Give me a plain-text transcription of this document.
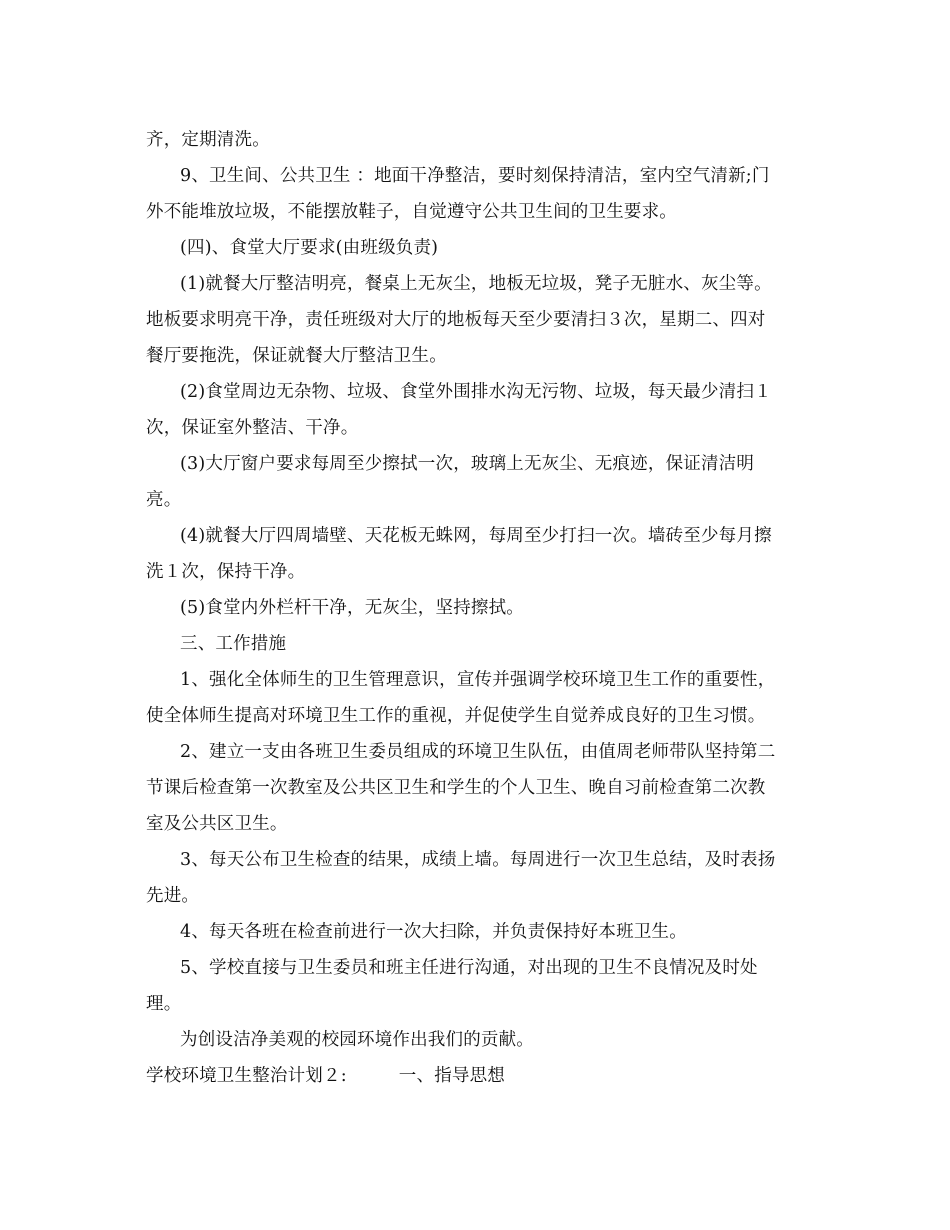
齐，定期清洗。
9、卫生间、公共卫生 ：地面干净整洁，要时刻保持清洁，室内空气清新;门
外不能堆放垃圾，不能摆放鞋子，自觉遵守公共卫生间的卫生要求。
(四)、食堂大厅要求(由班级负责)
(1)就餐大厅整洁明亮，餐桌上无灰尘，地板无垃圾，凳子无脏水、灰尘等。
地板要求明亮干净，责任班级对大厅的地板每天至少要清扫３次，星期二、四对
餐厅要拖洗，保证就餐大厅整洁卫生。
(2)食堂周边无杂物、垃圾、食堂外围排水沟无污物、垃圾，每天最少清扫１
次，保证室外整洁、干净。
(3)大厅窗户要求每周至少擦拭一次，玻璃上无灰尘、无痕迹，保证清洁明
亮。
(4)就餐大厅四周墙壁、天花板无蛛网，每周至少打扫一次。墙砖至少每月擦
洗１次，保持干净。
(5)食堂内外栏杆干净，无灰尘，坚持擦拭。
三、工作措施
1、强化全体师生的卫生管理意识，宣传并强调学校环境卫生工作的重要性，
使全体师生提高对环境卫生工作的重视，并促使学生自觉养成良好的卫生习惯。
2、建立一支由各班卫生委员组成的环境卫生队伍，由值周老师带队坚持第二
节课后检查第一次教室及公共区卫生和学生的个人卫生、晚自习前检查第二次教
室及公共区卫生。
3、每天公布卫生检查的结果，成绩上墙。每周进行一次卫生总结，及时表扬
先进。
4、每天各班在检查前进行一次大扫除，并负责保持好本班卫生。
5、学校直接与卫生委员和班主任进行沟通，对出现的卫生不良情况及时处
理。
为创设洁净美观的校园环境作出我们的贡献。
学校环境卫生整治计划２:	一、指导思想
